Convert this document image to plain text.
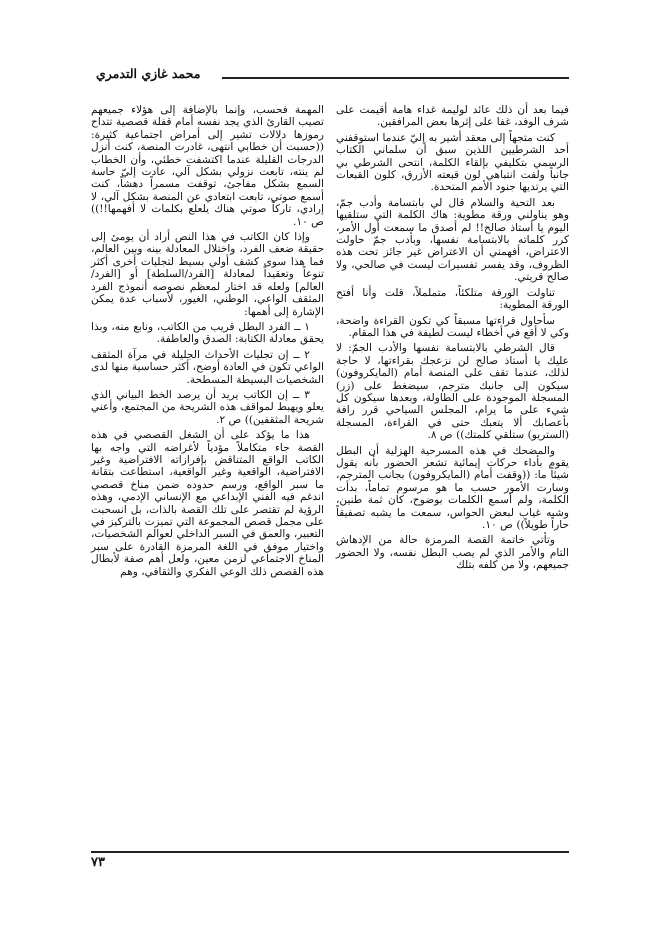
محمد غازي التدمري

فيما بعد أن ذلك عائد لوليمة غداء هامة أقيمت على شرف الوفد، غفا على إثرها بعض المرافقين.

كنت متجهاً إلى معقد أشير به إليّ عندما استوقفني أحد الشرطيين اللذين سبق أن سلماني الكتاب الرسمي بتكليفي بإلقاء الكلمة، انتحى الشرطي بي جانباً ولفت انتباهي لون قبعته الأزرق، كلون القبعات التي يرتديها جنود الأمم المتحدة.

بعد التحية والسلام قال لي بابتسامة وأدب جمّ، وهو يناولني ورقة مطوية: هاك الكلمة التي ستلقيها اليوم يا أستاذ صالح!! لم أصدق ما سمعت أول الأمر، كرر كلماته بالابتسامة نفسها، وبأدب جمّ حاولت الاعتراض، أفهمني أن الاعتراض غير جائز تحت هذه الظروف، وقد يفسر تفسيرات ليست في صالحي، ولا صالح قريتي.

تناولت الورقة متلكئاً، متململاً، قلت وأنا أفتح الورقة المطوية:

سأحاول قراءتها مسبقاً كي تكون القراءة واضحة، وكي لا أقع في أخطاء ليست لطيفة في هذا المقام.

قال الشرطي بالابتسامة نفسها والأدب الجمّ: لا عليك يا أستاذ صالح لن نزعجك بقراءتها، لا حاجة لذلك، عندما تقف على المنصة أمام (المايكروفون) سيكون إلى جانبك مترجم، سيضغط على (زر) المسجلة الموجودة على الطاولة، وبعدها سيكون كل شيء على ما يرام، المجلس السياحي قرر رافة بأعصابك ألا يتعبك حتى في القراءة، المسجلة (الستريو) ستلقي كلمتك)) ص ٨.

والمضحك في هذه المسرحية الهزلية أن البطل يقوم بأداء حركات إيمائية تشعر الحضور بأنه يقول شيئاً ما: ((وقفت أمام (المايكروفون) بجانب المترجم، وسارت الأمور حسب ما هو مرسوم تماماً، بدأت الكلمة، ولم أسمع الكلمات بوضوح، كان ثمة طنين، وشبه غياب لبعض الحواس، سمعت ما يشبه تصفيقاً حاراً طويلاً)) ص ١٠.

وتأتي خاتمة القصة المرمزة حالة من الإدهاش التام والأمر الذي لم يصب البطل نفسه، ولا الحضور جميعهم، ولا من كلفه بتلك

المهمة فحسب، وإنما بالإضافة إلى هؤلاء جميعهم تصيب القارئ الذي يجد نفسه أمام قفلة قصصية تتداح رموزها دلالات تشير إلى أمراض اجتماعية كثيرة: ((حسبت أن خطابي انتهى، غادرت المنصة، كنت أنزل الدرجات القليلة عندما اكتشفت خطئي، وأن الخطاب لم ينته، تابعت نزولي بشكل آلي، عادت إليّ حاسة السمع بشكل مفاجئ، توقفت مسمراً دهشاً، كنت أسمع صوتي، تابعت ابتعادي عن المنصة بشكل آلي، لا إرادي، تاركاً صوتي هناك يلعلع بكلمات لا أفهمها!!)) ص ١٠.

وإذا كان الكاتب في هذا النص أراد أن يومئ إلى حقيقة ضعف الفرد، واختلال المعادلة بينه وبين العالم، فما هذا سوى كشف أولي بسيط لتجليات أخرى أكثر تنوعاً وتعقيداً لمعادلة [الفرد/السلطة] أو [الفرد/العالم] ولعله قد اختار لمعظم نصوصه أنموذج الفرد المثقف الواعي، الوطني، الغيور، لأسباب عدة يمكن الإشارة إلى أهمها:

١ ــ الفرد البطل قريب من الكاتب، ونابع منه، وبذا يحقق معادلة الكتابة: الصدق والعاطفة.

٢ ــ إن تجليات الأحداث الجليلة في مرآة المثقف الواعي تكون في العادة أوضح، أكثر حساسية منها لدى الشخصيات البسيطة المسطحة.

٣ ــ إن الكاتب يريد أن يرصد الخط البياني الذي يعلو ويهبط لمواقف هذه الشريحة من المجتمع، وأعني شريحة المثقفين)) ص ٢.

هذا ما يؤكد على أن الشغل القصصي في هذه القصة جاء متكاملاً مؤدياً لأغراضه التي واجه بها الكاتب الواقع المتناقض بإفرازاته الافتراضية وغير الافتراضية، الواقعية وغير الواقعية، استطاعت بتقانة ما سبر الواقع، ورسم حدوده ضمن مناخ قصصي اندغم فيه الفني الإبداعي مع الإنساني الإدمي، وهذه الرؤية لم تقتصر على تلك القصة بالذات، بل انسحبت على مجمل قصص المجموعة التي تميزت بالتركيز في التعبير، والعمق في السبر الداخلي لعوالم الشخصيات، واختيار موفق في اللغة المرمزة القادرة على سبر المناخ الاجتماعي لزمن معين، ولعل أهم صفة لأبطال هذه القصص ذلك الوعي الفكري والثقافي، وهم

٧٣
